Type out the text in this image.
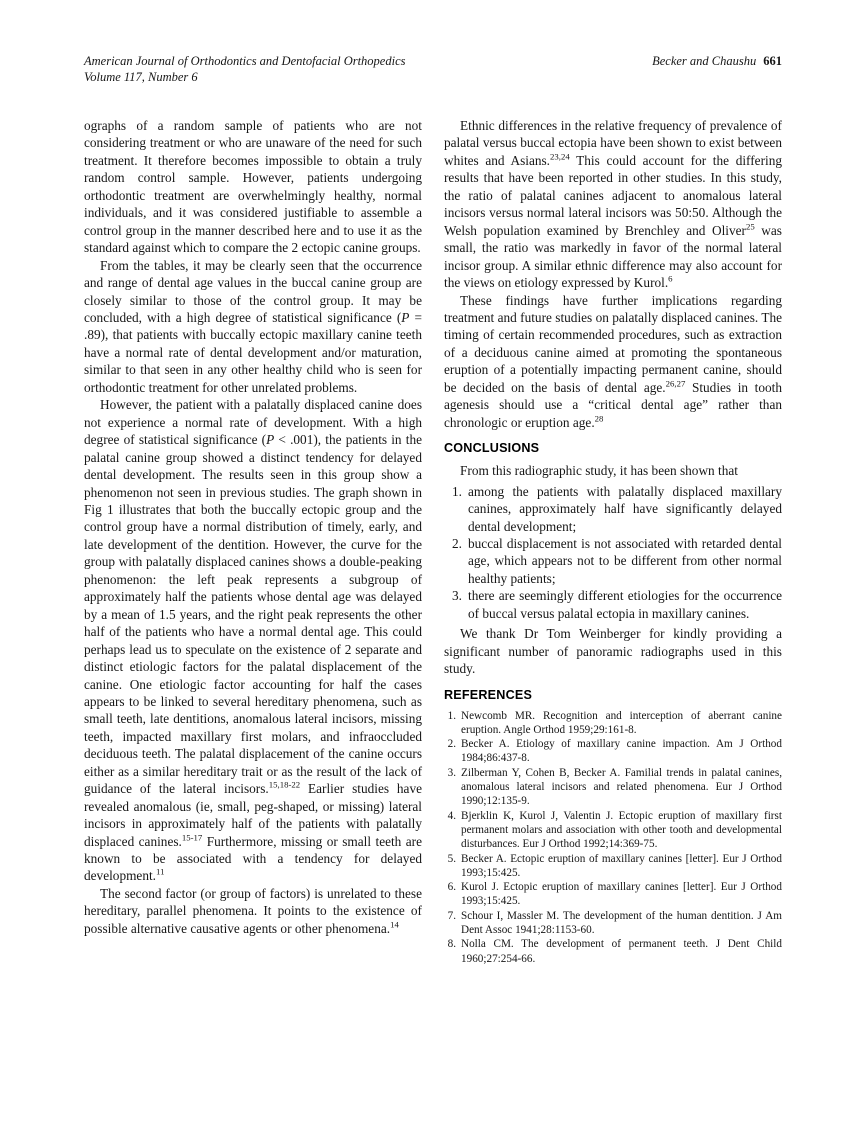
American Journal of Orthodontics and Dentofacial Orthopedics
Volume 117, Number 6
Becker and Chaushu 661

ographs of a random sample of patients who are not considering treatment or who are unaware of the need for such treatment. It therefore becomes impossible to obtain a truly random control sample. However, patients undergoing orthodontic treatment are overwhelmingly healthy, normal individuals, and it was considered justifiable to assemble a control group in the manner described here and to use it as the standard against which to compare the 2 ectopic canine groups.

From the tables, it may be clearly seen that the occurrence and range of dental age values in the buccal canine group are closely similar to those of the control group. It may be concluded, with a high degree of statistical significance (P = .89), that patients with buccally ectopic maxillary canine teeth have a normal rate of dental development and/or maturation, similar to that seen in any other healthy child who is seen for orthodontic treatment for other unrelated problems.

However, the patient with a palatally displaced canine does not experience a normal rate of development. With a high degree of statistical significance (P < .001), the patients in the palatal canine group showed a distinct tendency for delayed dental development. The results seen in this group show a phenomenon not seen in previous studies. The graph shown in Fig 1 illustrates that both the buccally ectopic group and the control group have a normal distribution of timely, early, and late development of the dentition. However, the curve for the group with palatally displaced canines shows a double-peaking phenomenon: the left peak represents a subgroup of approximately half the patients whose dental age was delayed by a mean of 1.5 years, and the right peak represents the other half of the patients who have a normal dental age. This could perhaps lead us to speculate on the existence of 2 separate and distinct etiologic factors for the palatal displacement of the canine. One etiologic factor accounting for half the cases appears to be linked to several hereditary phenomena, such as small teeth, late dentitions, anomalous lateral incisors, missing teeth, impacted maxillary first molars, and infraoccluded deciduous teeth. The palatal displacement of the canine occurs either as a similar hereditary trait or as the result of the lack of guidance of the lateral incisors.$^{15,18-22}$ Earlier studies have revealed anomalous (ie, small, peg-shaped, or missing) lateral incisors in approximately half of the patients with palatally displaced canines.$^{15-17}$ Furthermore, missing or small teeth are known to be associated with a tendency for delayed development.$^{11}$

The second factor (or group of factors) is unrelated to these hereditary, parallel phenomena. It points to the existence of possible alternative causative agents or other phenomena.$^{14}$

Ethnic differences in the relative frequency of prevalence of palatal versus buccal ectopia have been shown to exist between whites and Asians.$^{23,24}$ This could account for the differing results that have been reported in other studies. In this study, the ratio of palatal canines adjacent to anomalous lateral incisors versus normal lateral incisors was 50:50. Although the Welsh population examined by Brenchley and Oliver$^{25}$ was small, the ratio was markedly in favor of the normal lateral incisor group. A similar ethnic difference may also account for the views on etiology expressed by Kurol.$^6$

These findings have further implications regarding treatment and future studies on palatally displaced canines. The timing of certain recommended procedures, such as extraction of a deciduous canine aimed at promoting the spontaneous eruption of a potentially impacting permanent canine, should be decided on the basis of dental age.$^{26,27}$ Studies in tooth agenesis should use a “critical dental age” rather than chronologic or eruption age.$^{28}$

CONCLUSIONS

From this radiographic study, it has been shown that

1. among the patients with palatally displaced maxillary canines, approximately half have significantly delayed dental development;
2. buccal displacement is not associated with retarded dental age, which appears not to be different from other normal healthy patients;
3. there are seemingly different etiologies for the occurrence of buccal versus palatal ectopia in maxillary canines.

We thank Dr Tom Weinberger for kindly providing a significant number of panoramic radiographs used in this study.

REFERENCES
1. Newcomb MR. Recognition and interception of aberrant canine eruption. Angle Orthod 1959;29:161-8.
2. Becker A. Etiology of maxillary canine impaction. Am J Orthod 1984;86:437-8.
3. Zilberman Y, Cohen B, Becker A. Familial trends in palatal canines, anomalous lateral incisors and related phenomena. Eur J Orthod 1990;12:135-9.
4. Bjerklin K, Kurol J, Valentin J. Ectopic eruption of maxillary first permanent molars and association with other tooth and developmental disturbances. Eur J Orthod 1992;14:369-75.
5. Becker A. Ectopic eruption of maxillary canines [letter]. Eur J Orthod 1993;15:425.
6. Kurol J. Ectopic eruption of maxillary canines [letter]. Eur J Orthod 1993;15:425.
7. Schour I, Massler M. The development of the human dentition. J Am Dent Assoc 1941;28:1153-60.
8. Nolla CM. The development of permanent teeth. J Dent Child 1960;27:254-66.
